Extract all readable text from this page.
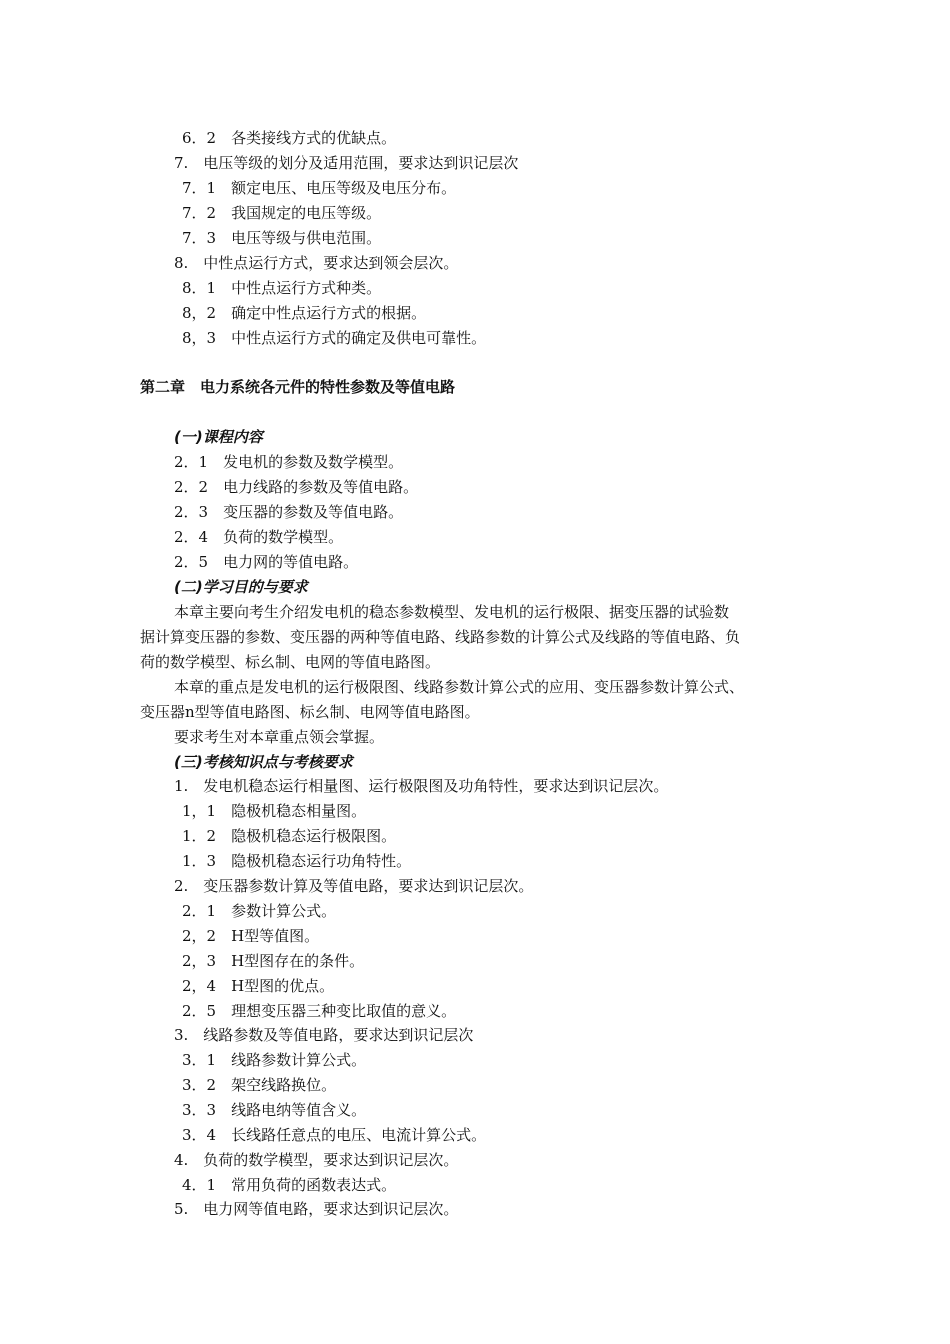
6．2　各类接线方式的优缺点。
7.　电压等级的划分及适用范围，要求达到识记层次
7．1　额定电压、电压等级及电压分布。
7．2　我国规定的电压等级。
7．3　电压等级与供电范围。
8.　中性点运行方式，要求达到领会层次。
8．1　中性点运行方式种类。
8，2　确定中性点运行方式的根据。
8，3　中性点运行方式的确定及供电可靠性。
第二章　电力系统各元件的特性参数及等值电路
(一)课程内容
2．1　发电机的参数及数学模型。
2．2　电力线路的参数及等值电路。
2．3　变压器的参数及等值电路。
2．4　负荷的数学模型。
2．5　电力网的等值电路。
(二)学习目的与要求
本章主要向考生介绍发电机的稳态参数模型、发电机的运行极限、据变压器的试验数
据计算变压器的参数、变压器的两种等值电路、线路参数的计算公式及线路的等值电路、负
荷的数学模型、标幺制、电网的等值电路图。
本章的重点是发电机的运行极限图、线路参数计算公式的应用、变压器参数计算公式、
变压器n型等值电路图、标幺制、电网等值电路图。
要求考生对本章重点领会掌握。
(三)考核知识点与考核要求
1.　发电机稳态运行相量图、运行极限图及功角特性，要求达到识记层次。
1，1　隐极机稳态相量图。
1．2　隐极机稳态运行极限图。
1．3　隐极机稳态运行功角特性。
2.　变压器参数计算及等值电路，要求达到识记层次。
2．1　参数计算公式。
2，2　H型等值图。
2，3　H型图存在的条件。
2，4　H型图的优点。
2．5　理想变压器三种变比取值的意义。
3.　线路参数及等值电路，要求达到识记层次
3．1　线路参数计算公式。
3．2　架空线路换位。
3．3　线路电纳等值含义。
3．4　长线路任意点的电压、电流计算公式。
4.　负荷的数学模型，要求达到识记层次。
4．1　常用负荷的函数表达式。
5.　电力网等值电路，要求达到识记层次。
